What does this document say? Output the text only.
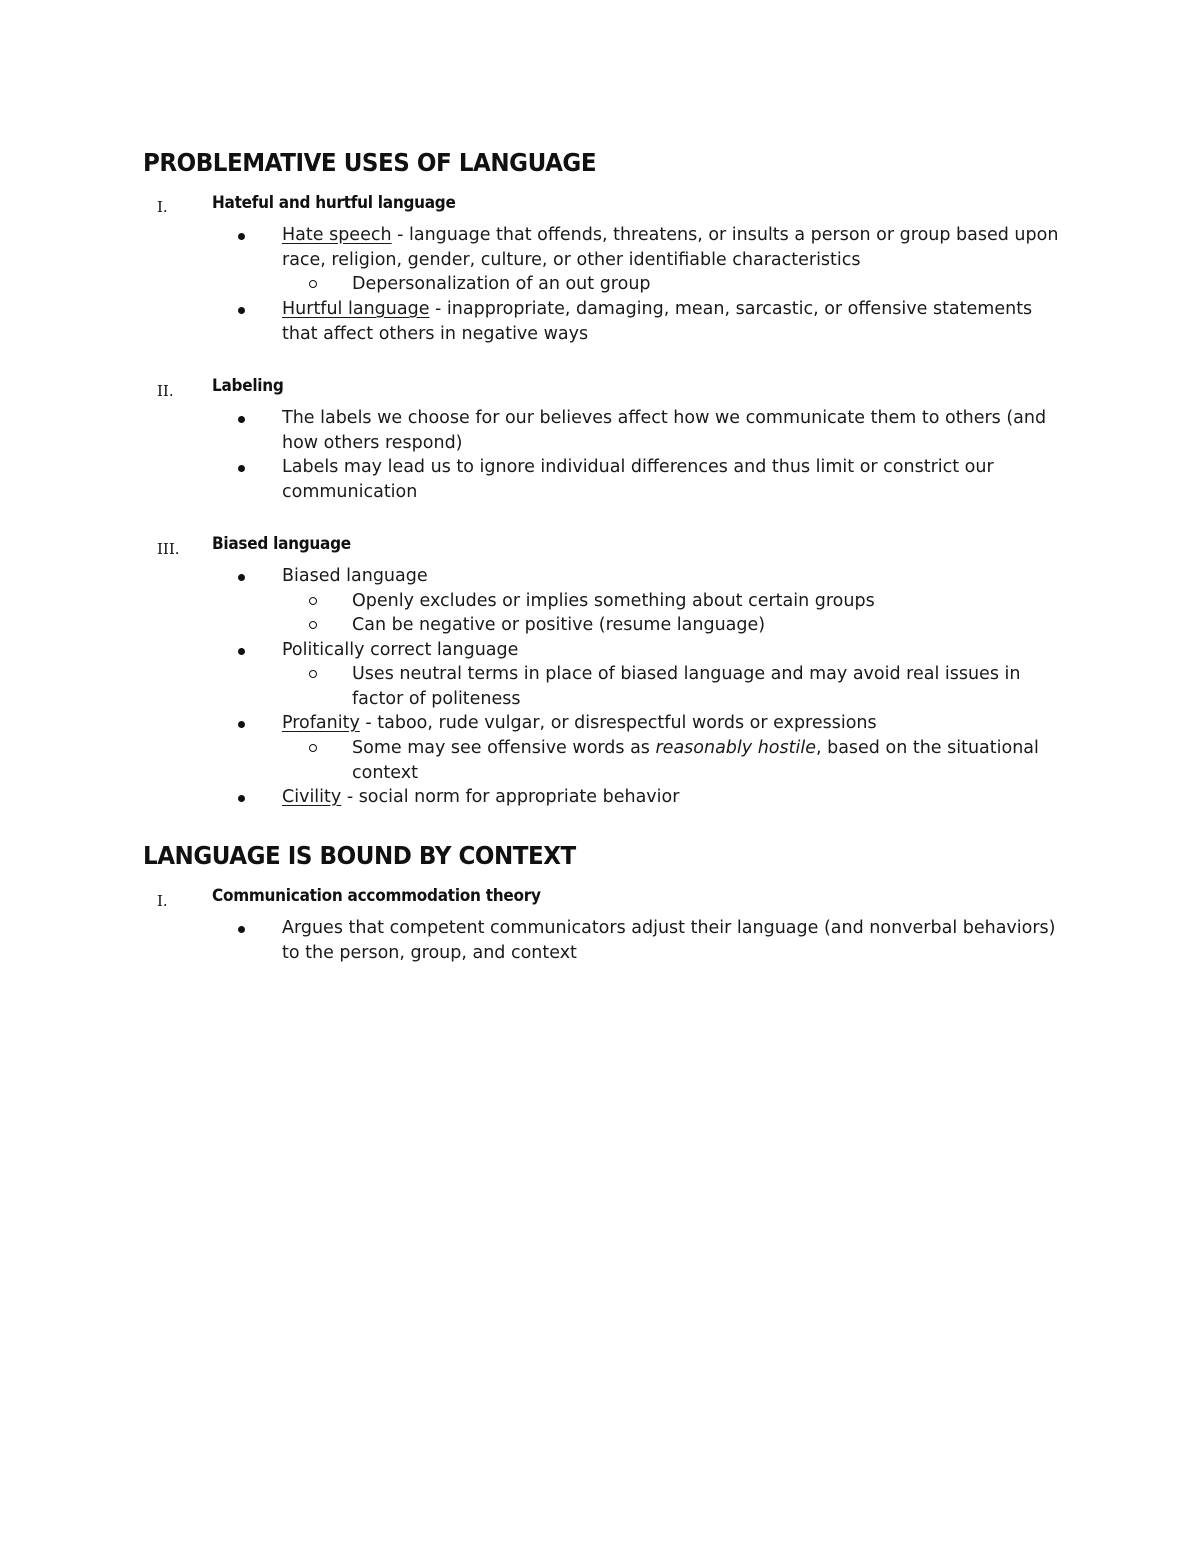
PROBLEMATIVE USES OF LANGUAGE
I.	Hateful and hurtful language
Hate speech - language that offends, threatens, or insults a person or group based upon race, religion, gender, culture, or other identifiable characteristics
Depersonalization of an out group
Hurtful language - inappropriate, damaging, mean, sarcastic, or offensive statements that affect others in negative ways
II. Labeling
The labels we choose for our believes affect how we communicate them to others (and how others respond)
Labels may lead us to ignore individual differences and thus limit or constrict our communication
III. Biased language
Biased language
Openly excludes or implies something about certain groups
Can be negative or positive (resume language)
Politically correct language
Uses neutral terms in place of biased language and may avoid real issues in factor of politeness
Profanity - taboo, rude vulgar, or disrespectful words or expressions
Some may see offensive words as reasonably hostile, based on the situational context
Civility - social norm for appropriate behavior
LANGUAGE IS BOUND BY CONTEXT
I.	Communication accommodation theory
Argues that competent communicators adjust their language (and nonverbal behaviors) to the person, group, and context
